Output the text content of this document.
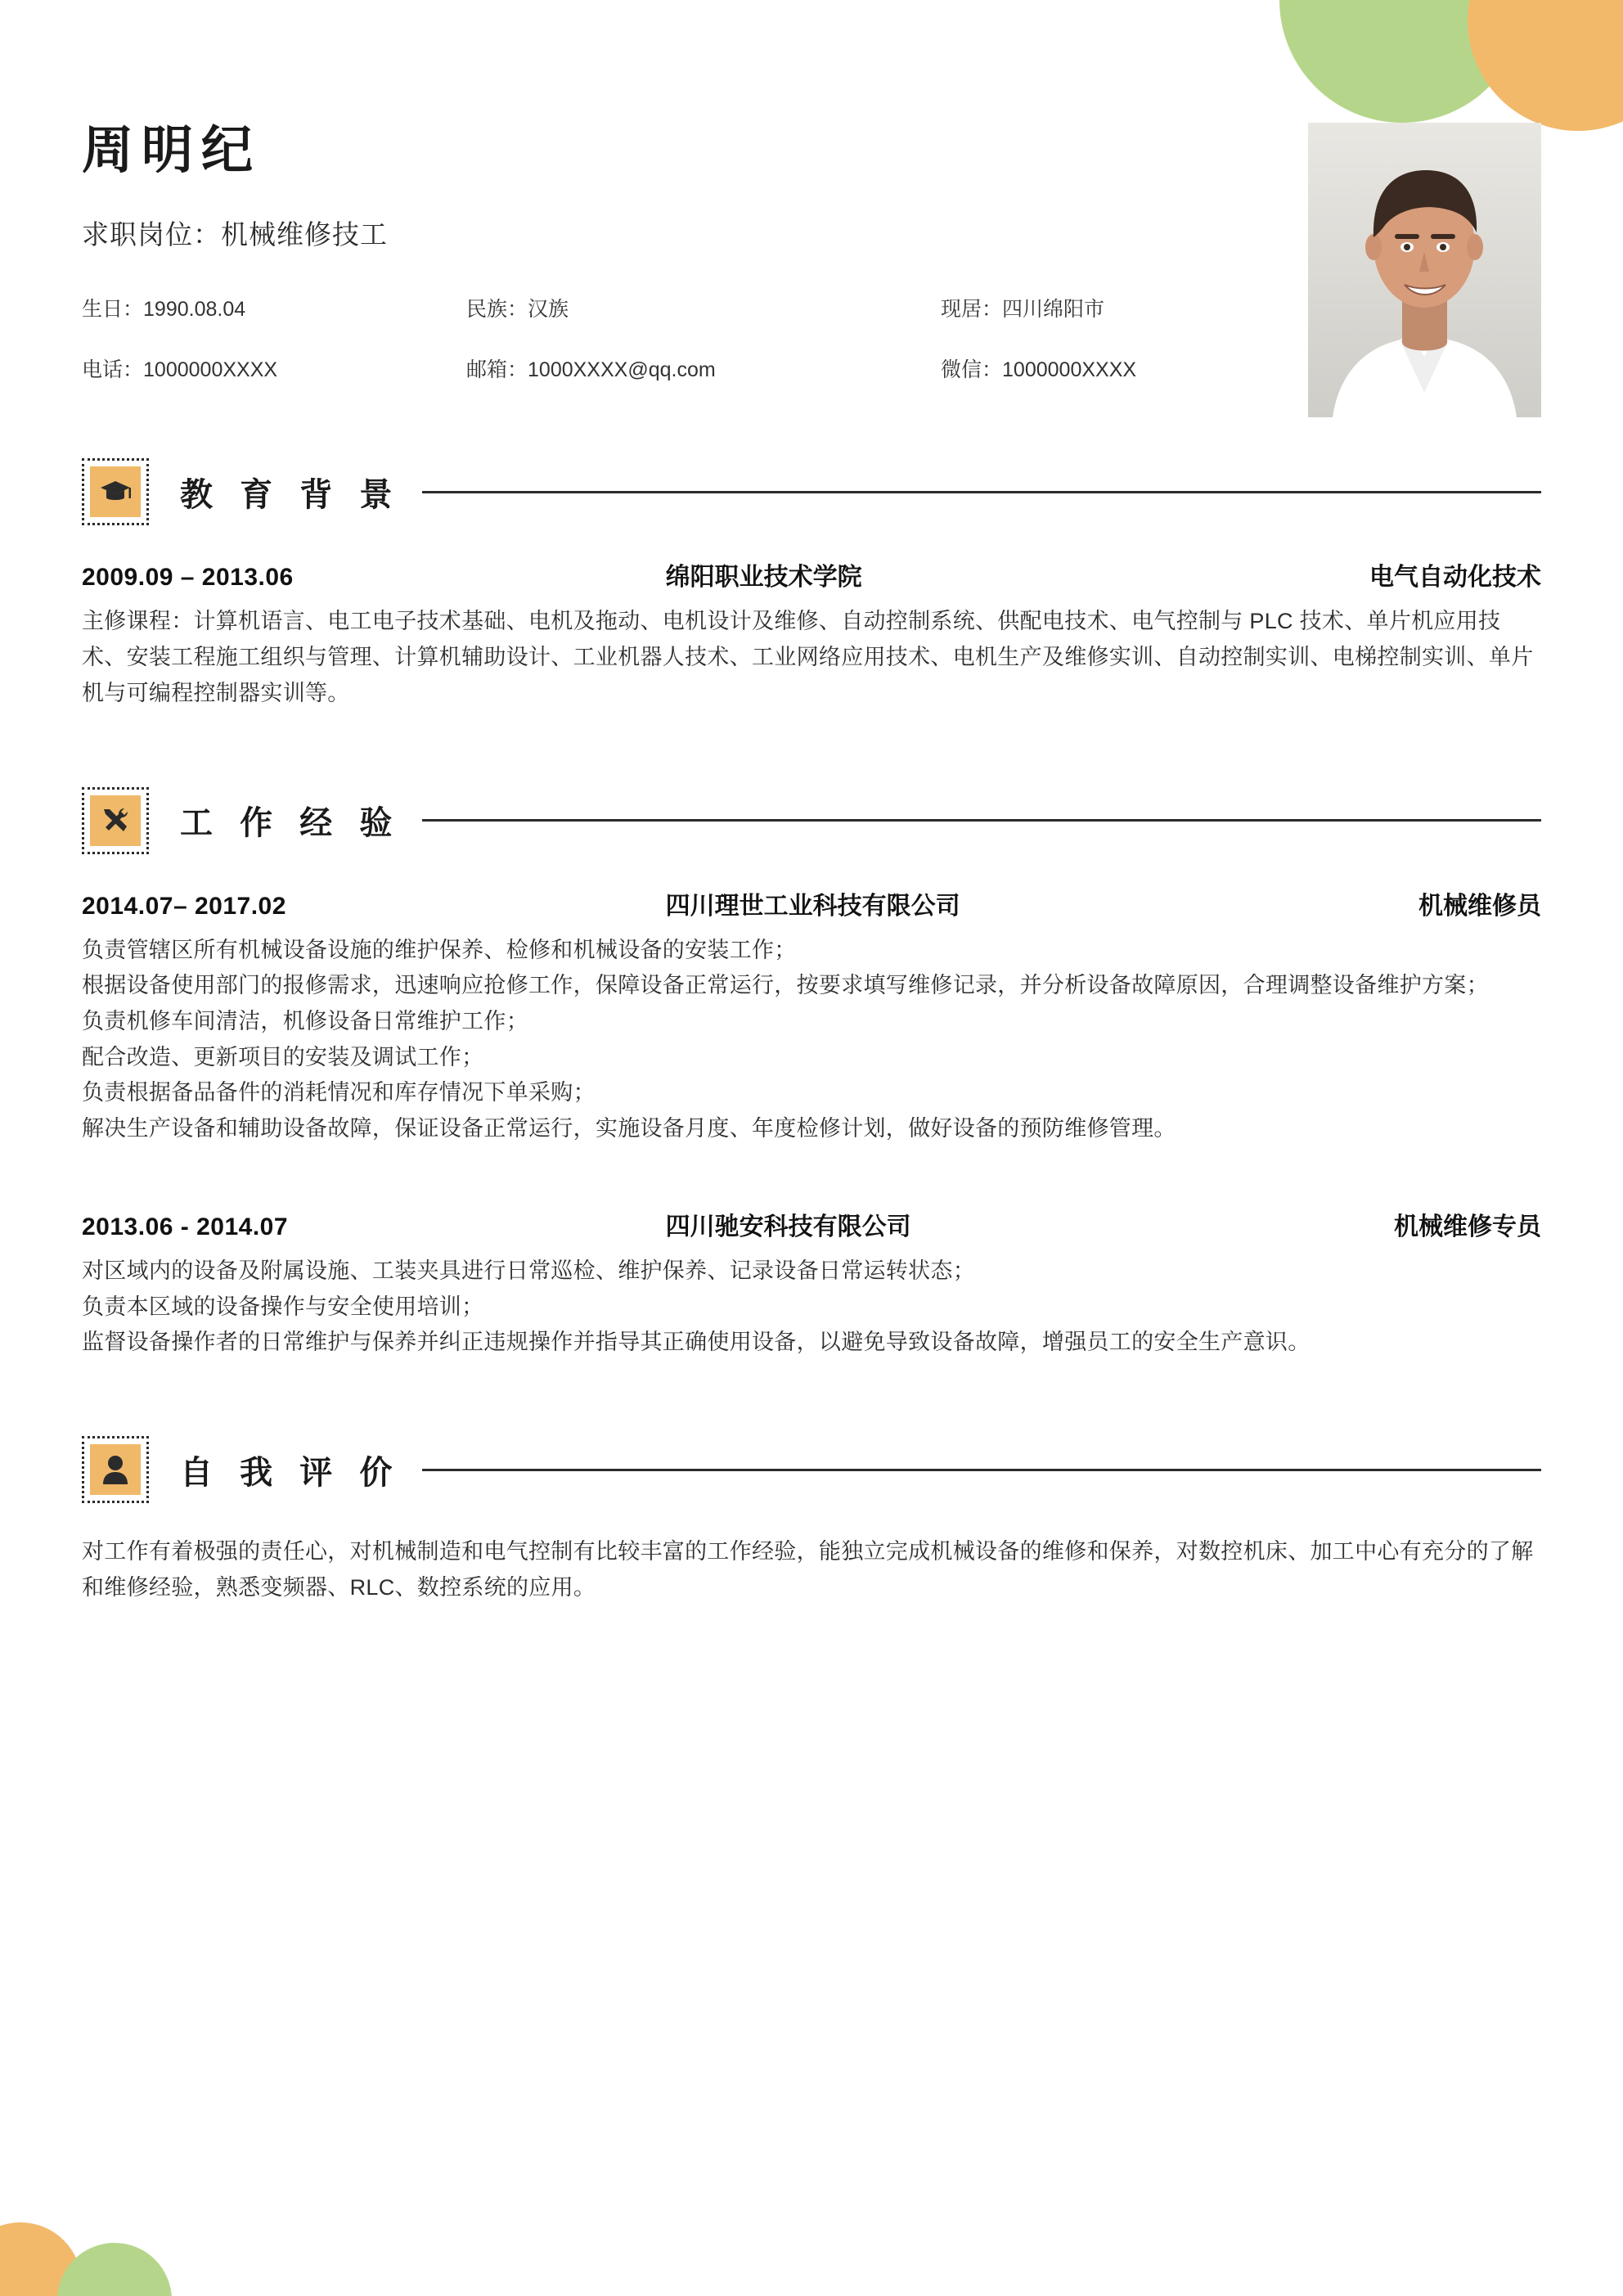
周明纪
求职岗位：机械维修技工
生日：1990.08.04	民族：汉族	现居：四川绵阳市
电话：1000000XXXX	邮箱：1000XXXX@qq.com	微信：1000000XXXX
教 育 背 景
2009.09 – 2013.06	绵阳职业技术学院	电气自动化技术

主修课程：计算机语言、电工电子技术基础、电机及拖动、电机设计及维修、自动控制系统、供配电技术、电气控制与 PLC 技术、单片机应用技术、安装工程施工组织与管理、计算机辅助设计、工业机器人技术、工业网络应用技术、电机生产及维修实训、自动控制实训、电梯控制实训、单片机与可编程控制器实训等。

工 作 经 验
2014.07– 2017.02	四川理世工业科技有限公司	机械维修员

负责管辖区所有机械设备设施的维护保养、检修和机械设备的安装工作；

根据设备使用部门的报修需求，迅速响应抢修工作，保障设备正常运行，按要求填写维修记录，并分析设备故障原因，合理调整设备维护方案；

负责机修车间清洁，机修设备日常维护工作；

配合改造、更新项目的安装及调试工作；

负责根据备品备件的消耗情况和库存情况下单采购；

解决生产设备和辅助设备故障，保证设备正常运行，实施设备月度、年度检修计划，做好设备的预防维修管理。

2013.06 - 2014.07	四川驰安科技有限公司	机械维修专员

对区域内的设备及附属设施、工装夹具进行日常巡检、维护保养、记录设备日常运转状态；

负责本区域的设备操作与安全使用培训；

监督设备操作者的日常维护与保养并纠正违规操作并指导其正确使用设备，以避免导致设备故障，增强员工的安全生产意识。

自 我 评 价

对工作有着极强的责任心，对机械制造和电气控制有比较丰富的工作经验，能独立完成机械设备的维修和保养，对数控机床、加工中心有充分的了解和维修经验，熟悉变频器、RLC、数控系统的应用。
